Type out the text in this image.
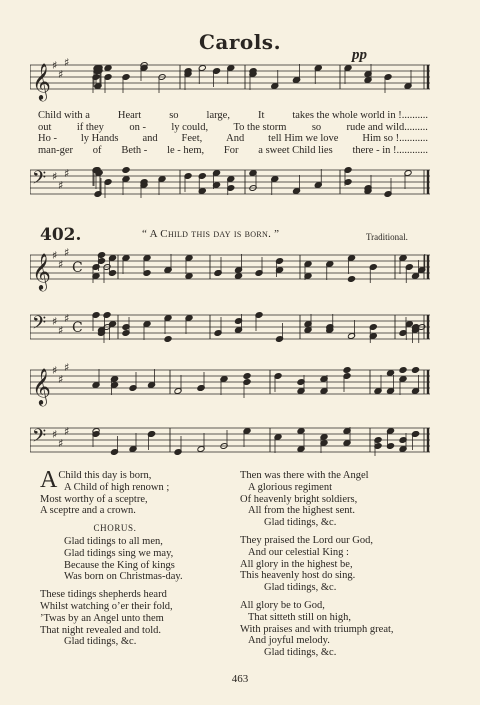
Carols.
𝄞 ♯
♯
♯	pp
Child with a	Heart	so	large,	It	takes the whole world in !..........
out if they on - ly could, To the storm so rude and wild.........
Ho - ly Hands and Feet, And tell Him we love Him so !...........
man-ger of Beth - le - hem, For a sweet Child lies there - in !............
𝄢 ♯
♯
♯
402.	“ A Child this day is born. ”	Traditional.
𝄞 ♯
♯
♯
C
𝄢 ♯
♯
♯
C
𝄞 ♯
♯
♯
𝄢 ♯
♯
♯
A Child this day is born,
A Child of high renown ;
Most worthy of a sceptre,
A sceptre and a crown.
CHORUS.
Glad tidings to all men,
Glad tidings sing we may,
Because the King of kings
Was born on Christmas-day.
These tidings shepherds heard
Whilst watching o’er their fold,
’Twas by an Angel unto them
That night revealed and told.
Glad tidings, &c.
Then was there with the Angel
A glorious regiment
Of heavenly bright soldiers,
All from the highest sent.
Glad tidings, &c.
They praised the Lord our God,
And our celestial King :
All glory in the highest be,
This heavenly host do sing.
Glad tidings, &c.
All glory be to God,
That sitteth still on high,
With praises and with triumph great,
And joyful melody.
Glad tidings, &c.
463
